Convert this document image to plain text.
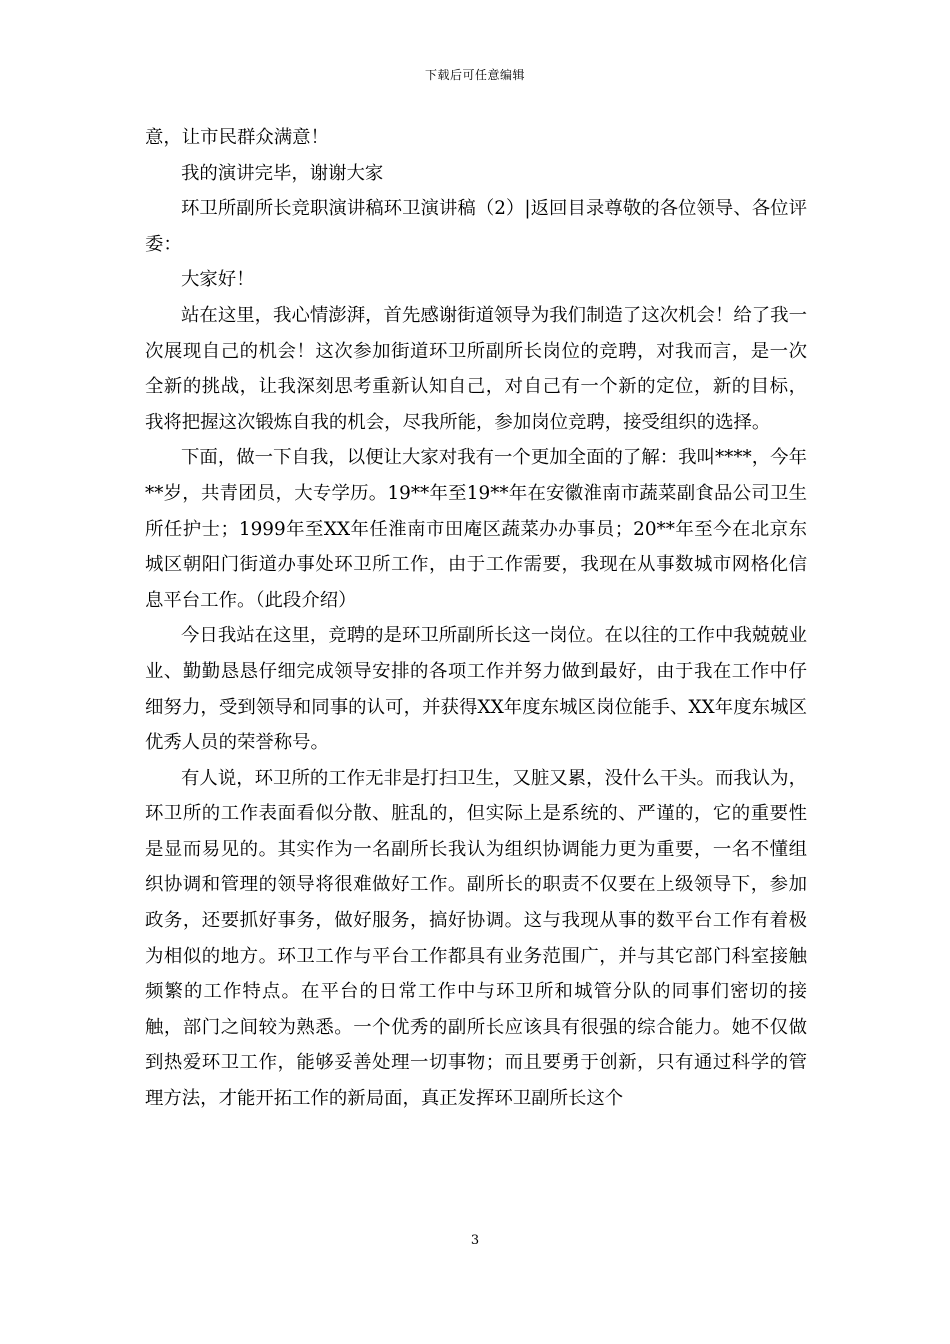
下载后可任意编辑

意，让市民群众满意！

我的演讲完毕，谢谢大家

环卫所副所长竞职演讲稿环卫演讲稿（2）|返回目录尊敬的各位领导、各位评委：

大家好！

站在这里，我心情澎湃，首先感谢街道领导为我们制造了这次机会！给了我一次展现自己的机会！这次参加街道环卫所副所长岗位的竞聘，对我而言，是一次全新的挑战，让我深刻思考重新认知自己，对自己有一个新的定位，新的目标，我将把握这次锻炼自我的机会，尽我所能，参加岗位竞聘，接受组织的选择。

下面，做一下自我，以便让大家对我有一个更加全面的了解：我叫****，今年**岁，共青团员，大专学历。19**年至19**年在安徽淮南市蔬菜副食品公司卫生所任护士；1999年至XX年任淮南市田庵区蔬菜办办事员；20**年至今在北京东城区朝阳门街道办事处环卫所工作，由于工作需要，我现在从事数城市网格化信息平台工作。（此段介绍）

今日我站在这里，竞聘的是环卫所副所长这一岗位。在以往的工作中我兢兢业业、勤勤恳恳仔细完成领导安排的各项工作并努力做到最好，由于我在工作中仔细努力，受到领导和同事的认可，并获得XX年度东城区岗位能手、XX年度东城区优秀人员的荣誉称号。

有人说，环卫所的工作无非是打扫卫生，又脏又累，没什么干头。而我认为，环卫所的工作表面看似分散、脏乱的，但实际上是系统的、严谨的，它的重要性是显而易见的。其实作为一名副所长我认为组织协调能力更为重要，一名不懂组织协调和管理的领导将很难做好工作。副所长的职责不仅要在上级领导下，参加政务，还要抓好事务，做好服务，搞好协调。这与我现从事的数平台工作有着极为相似的地方。环卫工作与平台工作都具有业务范围广，并与其它部门科室接触频繁的工作特点。在平台的日常工作中与环卫所和城管分队的同事们密切的接触，部门之间较为熟悉。一个优秀的副所长应该具有很强的综合能力。她不仅做到热爱环卫工作，能够妥善处理一切事物；而且要勇于创新，只有通过科学的管理方法，才能开拓工作的新局面，真正发挥环卫副所长这个

3
